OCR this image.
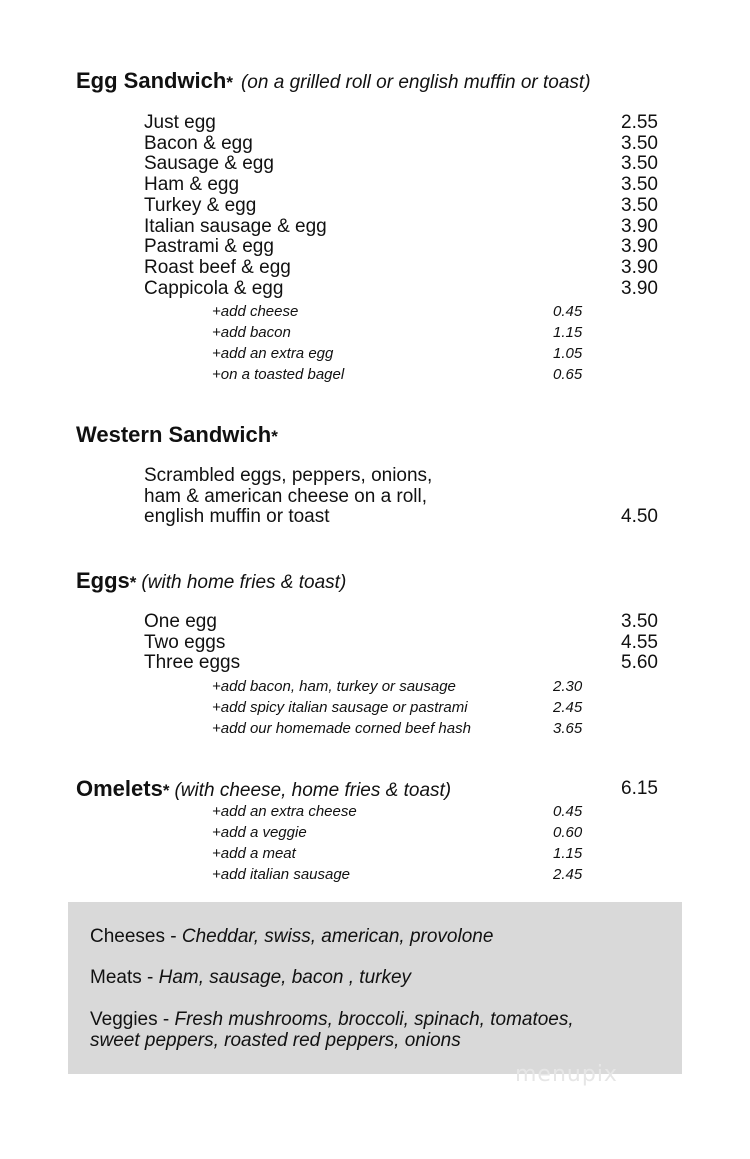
Egg Sandwich* (on a grilled roll or english muffin or toast)
Just egg
Bacon & egg
Sausage & egg
Ham & egg
Turkey & egg
Italian sausage & egg
Pastrami & egg
Roast beef & egg
Cappicola & egg
2.55
3.50
3.50
3.50
3.50
3.90
3.90
3.90
3.90
+add cheese
+add bacon
+add an extra egg
+on a toasted bagel
0.45
1.15
1.05
0.65
Western Sandwich*
Scrambled eggs, peppers, onions,
ham & american cheese on a roll,
english muffin or toast	4.50
Eggs* (with home fries & toast)
One egg
Two eggs
Three eggs
3.50
4.55
5.60
+add bacon, ham, turkey or sausage
+add spicy italian sausage or pastrami
+add our homemade corned beef hash
2.30
2.45
3.65
Omelets* (with cheese, home fries & toast)	6.15
+add an extra cheese
+add a veggie
+add a meat
+add italian sausage
0.45
0.60
1.15
2.45
Cheeses - Cheddar, swiss, american, provolone
Meats - Ham, sausage, bacon , turkey
Veggies - Fresh mushrooms, broccoli, spinach, tomatoes,
sweet peppers, roasted red peppers, onions
menupix
